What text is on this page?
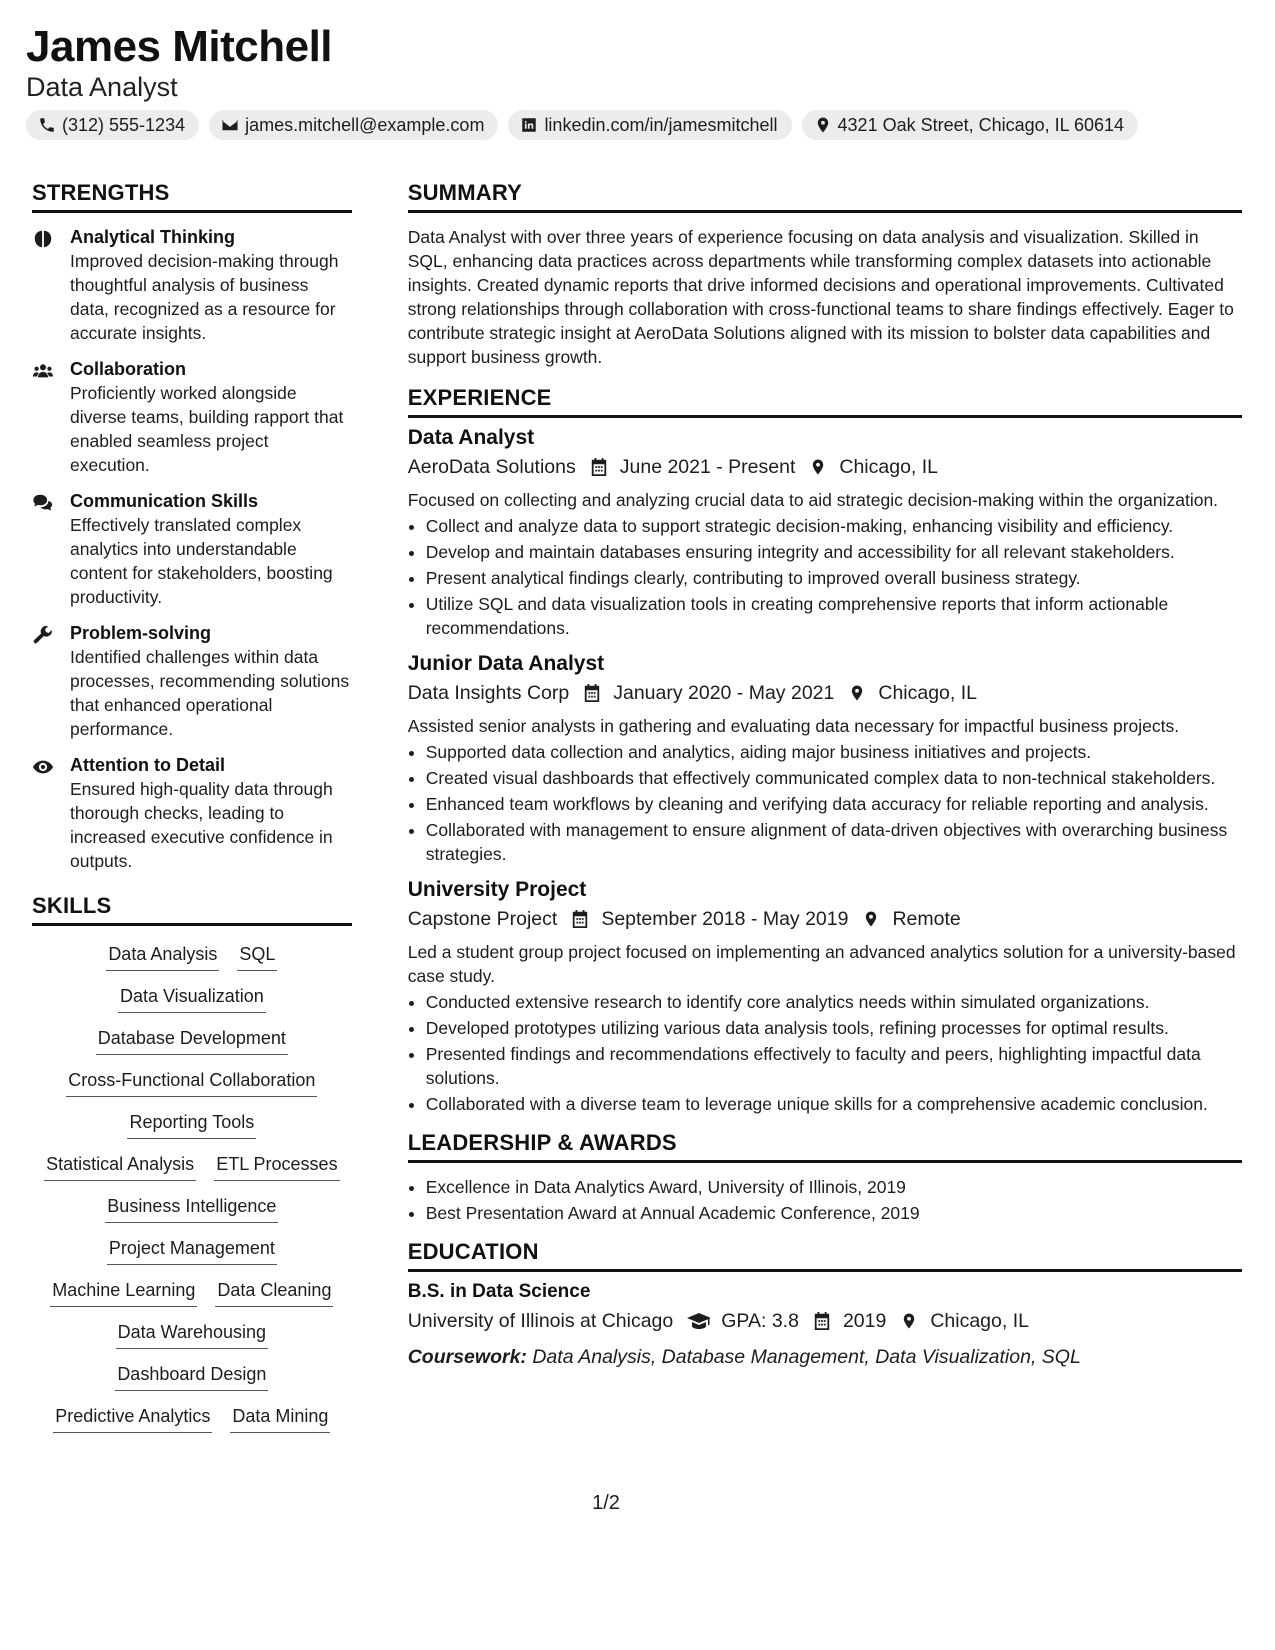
James Mitchell
Data Analyst
(312) 555-1234	james.mitchell@example.com	linkedin.com/in/jamesmitchell	4321 Oak Street, Chicago, IL 60614
STRENGTHS
Analytical Thinking
Improved decision-making through thoughtful analysis of business data, recognized as a resource for accurate insights.
Collaboration
Proficiently worked alongside diverse teams, building rapport that enabled seamless project execution.
Communication Skills
Effectively translated complex analytics into understandable content for stakeholders, boosting productivity.
Problem-solving
Identified challenges within data processes, recommending solutions that enhanced operational performance.
Attention to Detail
Ensured high-quality data through thorough checks, leading to increased executive confidence in outputs.
SKILLS
Data Analysis SQL
Data Visualization
Database Development
Cross-Functional Collaboration
Reporting Tools
Statistical Analysis ETL Processes
Business Intelligence
Project Management
Machine Learning Data Cleaning
Data Warehousing
Dashboard Design
Predictive Analytics Data Mining
SUMMARY

Data Analyst with over three years of experience focusing on data analysis and visualization. Skilled in SQL, enhancing data practices across departments while transforming complex datasets into actionable insights. Created dynamic reports that drive informed decisions and operational improvements. Cultivated strong relationships through collaboration with cross-functional teams to share findings effectively. Eager to contribute strategic insight at AeroData Solutions aligned with its mission to bolster data capabilities and support business growth.

EXPERIENCE
Data Analyst
AeroData Solutions June 2021 - Present Chicago, IL
Focused on collecting and analyzing crucial data to aid strategic decision-making within the organization.
• Collect and analyze data to support strategic decision-making, enhancing visibility and efficiency.
• Develop and maintain databases ensuring integrity and accessibility for all relevant stakeholders.
• Present analytical findings clearly, contributing to improved overall business strategy.
• Utilize SQL and data visualization tools in creating comprehensive reports that inform actionable recommendations.
Junior Data Analyst
Data Insights Corp January 2020 - May 2021 Chicago, IL
Assisted senior analysts in gathering and evaluating data necessary for impactful business projects.
• Supported data collection and analytics, aiding major business initiatives and projects.
• Created visual dashboards that effectively communicated complex data to non-technical stakeholders.
• Enhanced team workflows by cleaning and verifying data accuracy for reliable reporting and analysis.
• Collaborated with management to ensure alignment of data-driven objectives with overarching business strategies.
University Project
Capstone Project September 2018 - May 2019 Remote
Led a student group project focused on implementing an advanced analytics solution for a university-based case study.
• Conducted extensive research to identify core analytics needs within simulated organizations.
• Developed prototypes utilizing various data analysis tools, refining processes for optimal results.
• Presented findings and recommendations effectively to faculty and peers, highlighting impactful data solutions.
• Collaborated with a diverse team to leverage unique skills for a comprehensive academic conclusion.
LEADERSHIP & AWARDS
• Excellence in Data Analytics Award, University of Illinois, 2019
• Best Presentation Award at Annual Academic Conference, 2019
EDUCATION
B.S. in Data Science
University of Illinois at Chicago GPA: 3.8 2019 Chicago, IL
Coursework: Data Analysis, Database Management, Data Visualization, SQL
1/2
